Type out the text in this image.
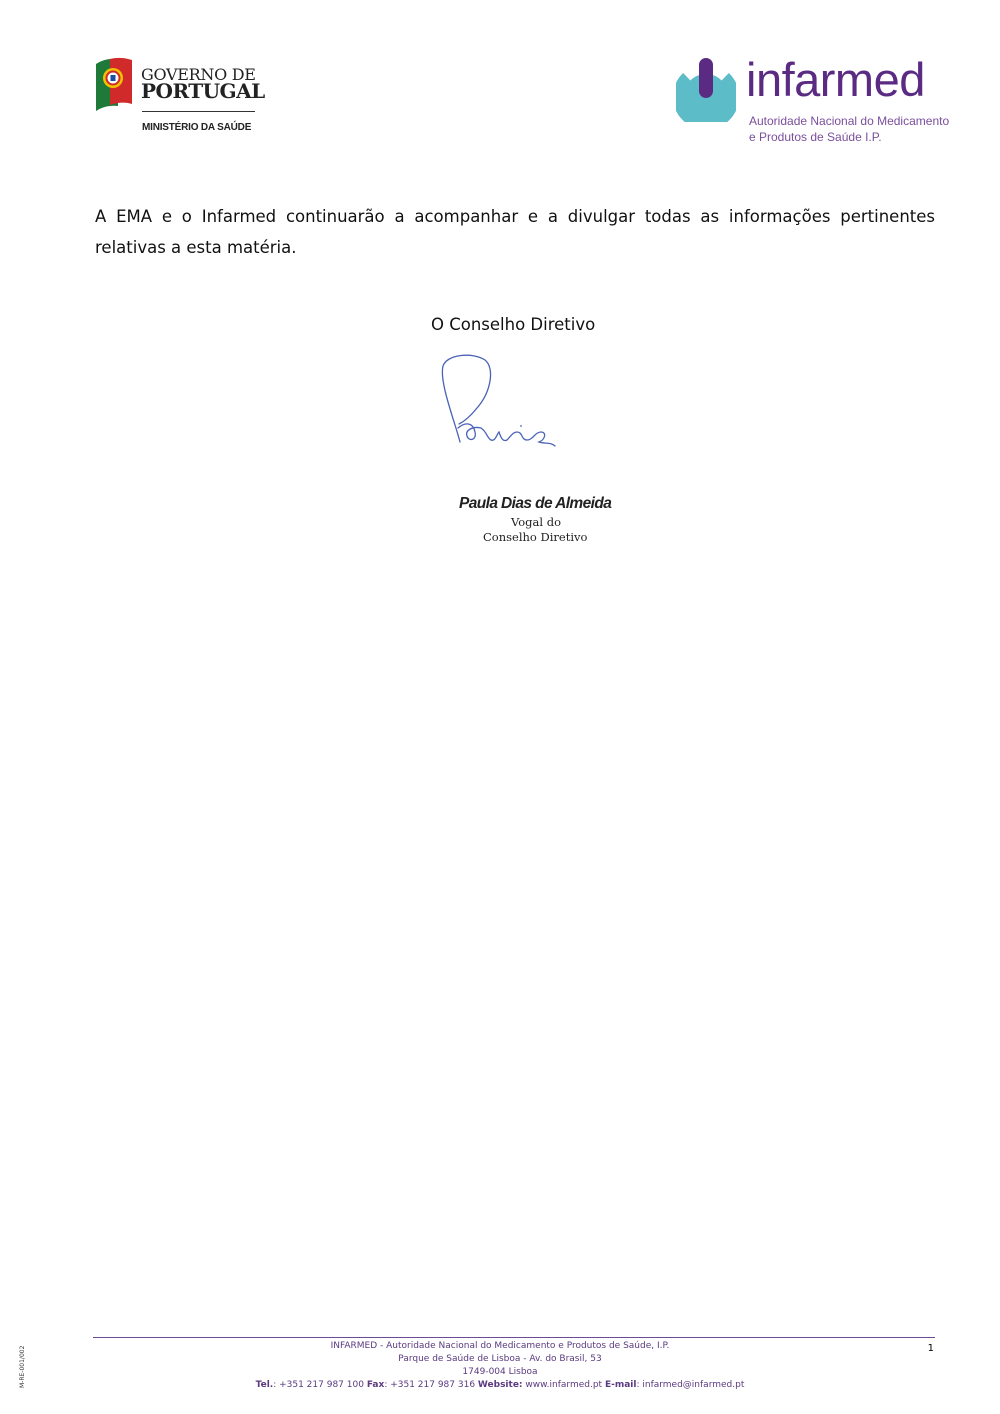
GOVERNO DE
PORTUGAL
MINISTÉRIO DA SAÚDE
infarmed
Autoridade Nacional do Medicamento
e Produtos de Saúde I.P.
A EMA e o Infarmed continuarão a acompanhar e a divulgar todas as informações pertinentes relativas a esta matéria.
O Conselho Diretivo
Paula Dias de Almeida
Vogal do
Conselho Diretivo
INFARMED - Autoridade Nacional do Medicamento e Produtos de Saúde, I.P.
Parque de Saúde de Lisboa - Av. do Brasil, 53
1749-004 Lisboa
Tel.: +351 217 987 100 Fax: +351 217 987 316 Website: www.infarmed.pt E-mail: infarmed@infarmed.pt
1
M-RE-001/002
